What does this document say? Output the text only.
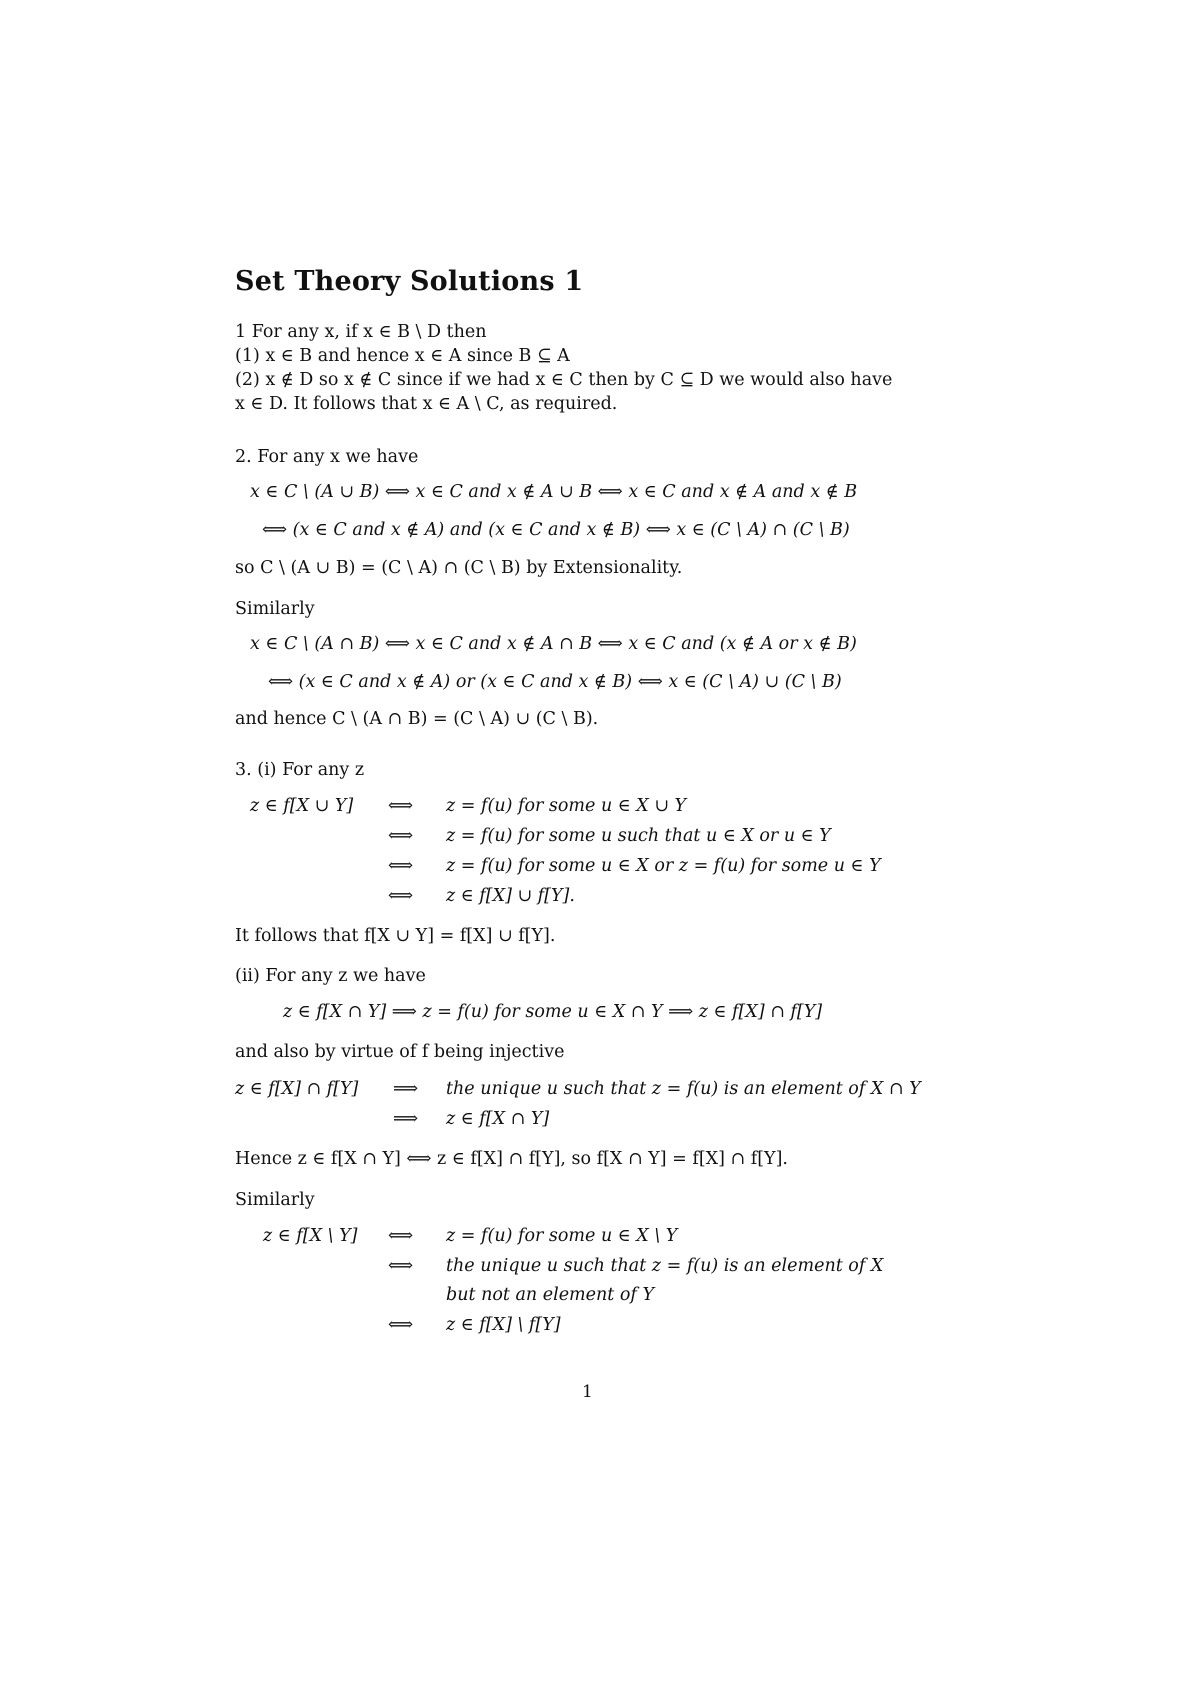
Set Theory Solutions 1
1 For any x, if x ∈ B \ D then
(1) x ∈ B and hence x ∈ A since B ⊆ A
(2) x ∉ D so x ∉ C since if we had x ∈ C then by C ⊆ D we would also have
x ∈ D. It follows that x ∈ A \ C, as required.
2. For any x we have
x ∈ C \ (A ∪ B) ⟺ x ∈ C and x ∉ A ∪ B ⟺ x ∈ C and x ∉ A and x ∉ B
⟺ (x ∈ C and x ∉ A) and (x ∈ C and x ∉ B) ⟺ x ∈ (C \ A) ∩ (C \ B)
so C \ (A ∪ B) = (C \ A) ∩ (C \ B) by Extensionality.
Similarly
x ∈ C \ (A ∩ B) ⟺ x ∈ C and x ∉ A ∩ B ⟺ x ∈ C and (x ∉ A or x ∉ B)
⟺ (x ∈ C and x ∉ A) or (x ∈ C and x ∉ B) ⟺ x ∈ (C \ A) ∪ (C \ B)
and hence C \ (A ∩ B) = (C \ A) ∪ (C \ B).
3. (i) For any z
z ∈ f[X ∪ Y] ⟺ z = f(u) for some u ∈ X ∪ Y
⟺ z = f(u) for some u such that u ∈ X or u ∈ Y
⟺ z = f(u) for some u ∈ X or z = f(u) for some u ∈ Y
⟺ z ∈ f[X] ∪ f[Y].
It follows that f[X ∪ Y] = f[X] ∪ f[Y].
(ii) For any z we have
z ∈ f[X ∩ Y] ⟹ z = f(u) for some u ∈ X ∩ Y ⟹ z ∈ f[X] ∩ f[Y]
and also by virtue of f being injective
z ∈ f[X] ∩ f[Y] ⟹ the unique u such that z = f(u) is an element of X ∩ Y
⟹ z ∈ f[X ∩ Y]
Hence z ∈ f[X ∩ Y] ⟺ z ∈ f[X] ∩ f[Y], so f[X ∩ Y] = f[X] ∩ f[Y].
Similarly
z ∈ f[X \ Y] ⟺ z = f(u) for some u ∈ X \ Y
⟺ the unique u such that z = f(u) is an element of X
but not an element of Y
⟺ z ∈ f[X] \ f[Y]
1
